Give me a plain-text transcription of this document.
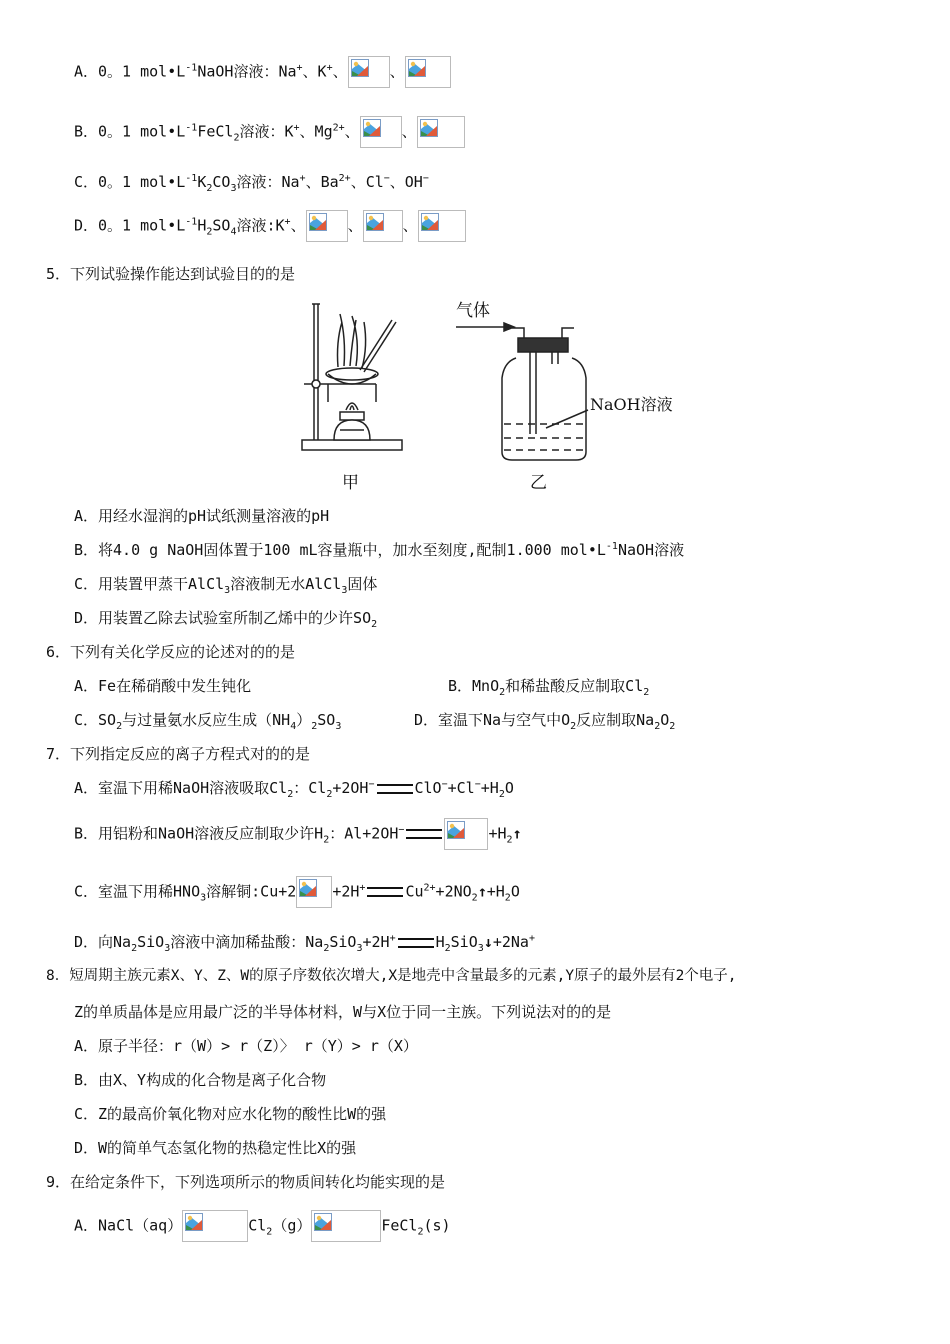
A．0。1 $mol•L^{-1}NaOH$溶液：Na+、K+、	、
B．0。1 $mol•L^{-1}FeCl_2$溶液：K+、$Mg^{2+}$、	、
C．0。1 $mol•L^{-1}K_2CO_3$溶液：Na+、$Ba^{2+}$、Cl−、OH−
D．0。1 $mol•L^{-1}H_2SO_4$溶液:K+、	、	、
5．下列试验操作能达到试验目的的是
气体
NaOH溶液
甲	乙
A．用经水湿润的pH试纸测量溶液的pH
B．将4.0 g NaOH固体置于100 mL容量瓶中，加水至刻度,配制1.000 $mol•L^{-1}NaOH$溶液
C．用装置甲蒸干AlCl$_3$溶液制无水AlCl$_3$固体
D．用装置乙除去试验室所制乙烯中的少许$SO_2$
6．下列有关化学反应的论述对的的是
A．Fe在稀硝酸中发生钝化	B．MnO$_2$和稀盐酸反应制取$Cl_2$
C．$SO_2$与过量氨水反应生成$(NH_4)_2SO_3$	D．室温下Na与空气中$O_2$反应制取$Na_2O_2$
7．下列指定反应的离子方程式对的的是
A．室温下用稀NaOH溶液吸取$Cl_2$：$Cl_2+2OH^-$	$ClO^-+Cl^-+H_2O$
B．用铝粉和NaOH溶液反应制取少许$H_2$：Al+2OH−	$+H_2↑$
C．室温下用稀$HNO_3$溶解铜:Cu+2 +2H+	$Cu^{2+}+2NO_2↑+H_2O$
D．向$Na_2SiO_3$溶液中滴加稀盐酸：$Na_2SiO_3+2H^+$	$H_2SiO_3↓+2Na^+$
8．短周期主族元素X、Y、Z、W的原子序数依次增大,X是地壳中含量最多的元素,Y原子的最外层有2个电子,
Z的单质晶体是应用最广泛的半导体材料，W与X位于同一主族。下列说法对的的是
A．原子半径：r（W）> r（Z）〉 r（Y）> r（X）
B．由X、Y构成的化合物是离子化合物
C．Z的最高价氧化物对应水化物的酸性比W的强
D．W的简单气态氢化物的热稳定性比X的强
9．在给定条件下，下列选项所示的物质间转化均能实现的是
A．NaCl（aq）	$Cl_2(g)$	FeCl$_2$(s)
